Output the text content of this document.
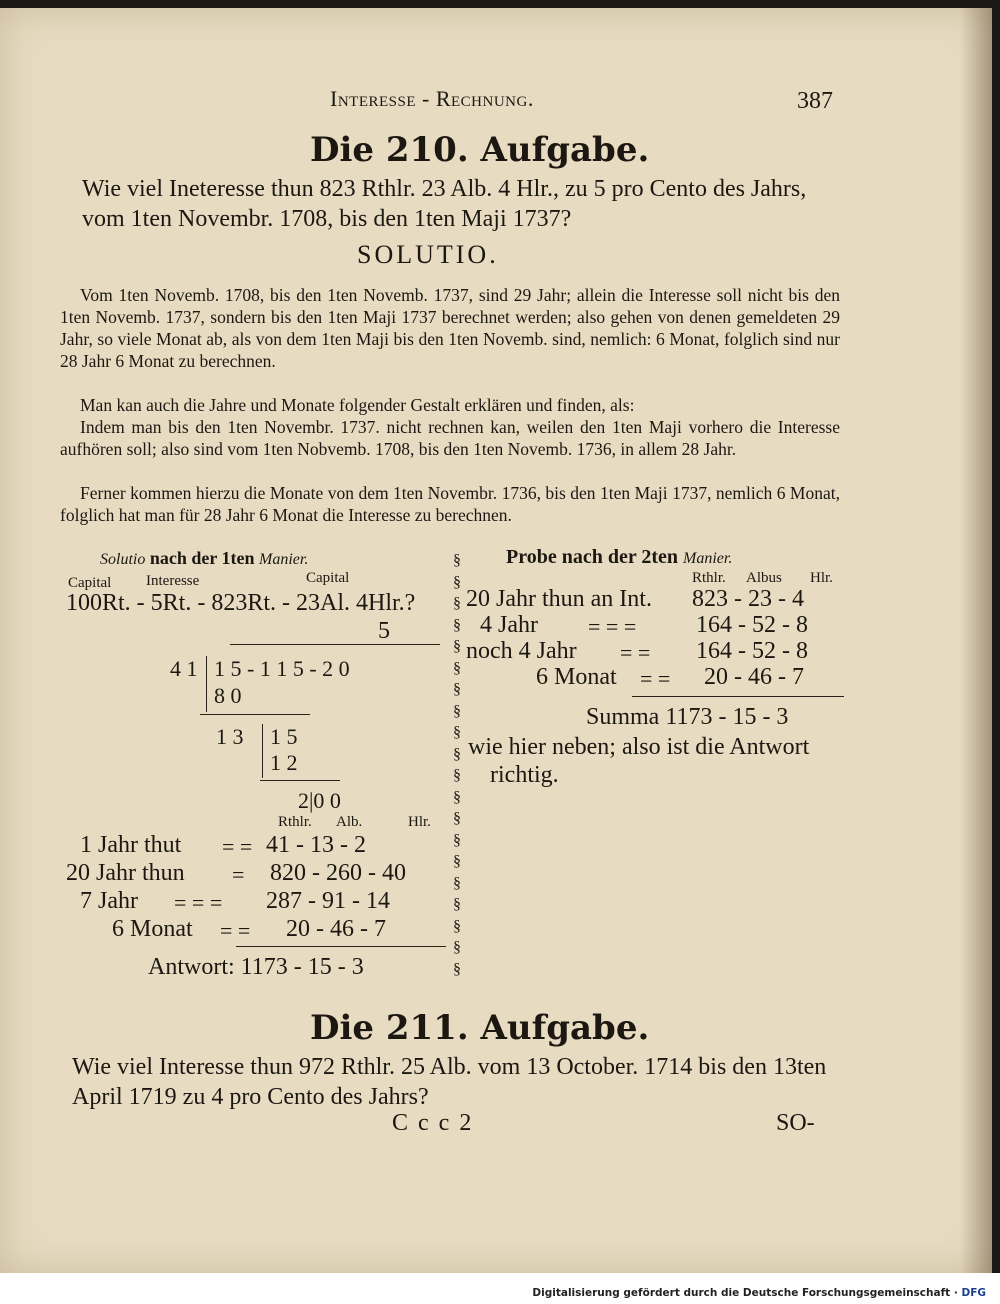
Interesse - Rechnung.	387
Die 210. Aufgabe.
Wie viel Ineteresse thun 823 Rthlr. 23 Alb. 4 Hlr., zu 5 pro Cento des Jahrs, vom 1ten Novembr. 1708, bis den 1ten Maji 1737?
SOLUTIO.
Vom 1ten Novemb. 1708, bis den 1ten Novemb. 1737, sind 29 Jahr; allein die Interesse soll nicht bis den 1ten Novemb. 1737, sondern bis den 1ten Maji 1737 berechnet werden; also gehen von denen gemeldeten 29 Jahr, so viele Monat ab, als von dem 1ten Maji bis den 1ten Novemb. sind, nemlich: 6 Monat, folglich sind nur 28 Jahr 6 Monat zu berechnen.
Man kan auch die Jahre und Monate folgender Gestalt erklären und finden, als:
Indem man bis den 1ten Novembr. 1737. nicht rechnen kan, weilen den 1ten Maji vorhero die Interesse aufhören soll; also sind vom 1ten Nobvemb. 1708, bis den 1ten Novemb. 1736, in allem 28 Jahr.
Ferner kommen hierzu die Monate von dem 1ten Novembr. 1736, bis den 1ten Maji 1737, nemlich 6 Monat, folglich hat man für 28 Jahr 6 Monat die Interesse zu berechnen.
Solutio nach der 1ten Manier.
Capital Interesse	Capital
100Rt. - 5Rt. - 823Rt. - 23Al. 4Hlr.?
5
4 1 1 5 - 1 1 5 - 2 0
8 0
1 3 1 5
1 2
2|0 0
Rthlr. Alb.	Hlr.
1 Jahr thut = = 41 - 13 - 2
20 Jahr thun = 820 - 260 - 40
7 Jahr = = = 287 - 91 - 14
6 Monat = = 20 - 46 - 7
Antwort: 1173 - 15 - 3
§
§
§
§
§
§
§
§
§
§
§
§
§
§
§
§
§
§
§
§
Probe nach der 2ten Manier.
Rthlr. Albus Hlr.
20 Jahr thun an Int. 823 - 23 - 4
4 Jahr = = = 164 - 52 - 8
noch 4 Jahr = = 164 - 52 - 8
6 Monat = = 20 - 46 - 7
Summa 1173 - 15 - 3
wie hier neben; also ist die Antwort
richtig.
Die 211. Aufgabe.
Wie viel Interesse thun 972 Rthlr. 25 Alb. vom 13 October. 1714 bis den 13ten April 1719 zu 4 pro Cento des Jahrs?
C c c 2	SO-
Digitalisierung gefördert durch die Deutsche Forschungsgemeinschaft · DFG
